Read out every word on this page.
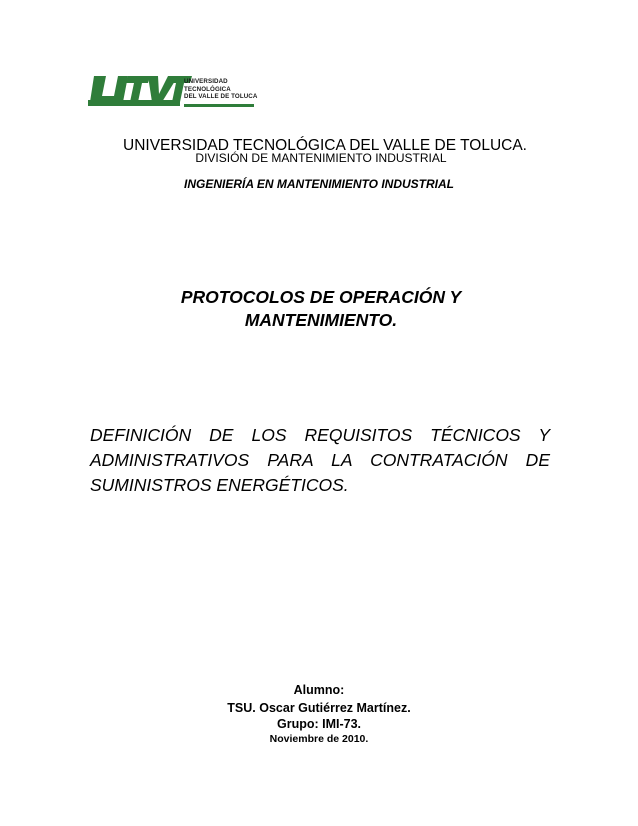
UNIVERSIDAD
TECNOLÓGICA
DEL VALLE DE TOLUCA
UNIVERSIDAD TECNOLÓGICA DEL VALLE DE TOLUCA.
DIVISIÓN DE MANTENIMIENTO INDUSTRIAL
INGENIERÍA EN MANTENIMIENTO INDUSTRIAL
PROTOCOLOS DE OPERACIÓN Y
MANTENIMIENTO.
DEFINICIÓN DE LOS REQUISITOS TÉCNICOS Y
ADMINISTRATIVOS PARA LA CONTRATACIÓN DE
SUMINISTROS ENERGÉTICOS.
Alumno:
TSU. Oscar Gutiérrez Martínez.
Grupo: IMI-73.
Noviembre de 2010.
